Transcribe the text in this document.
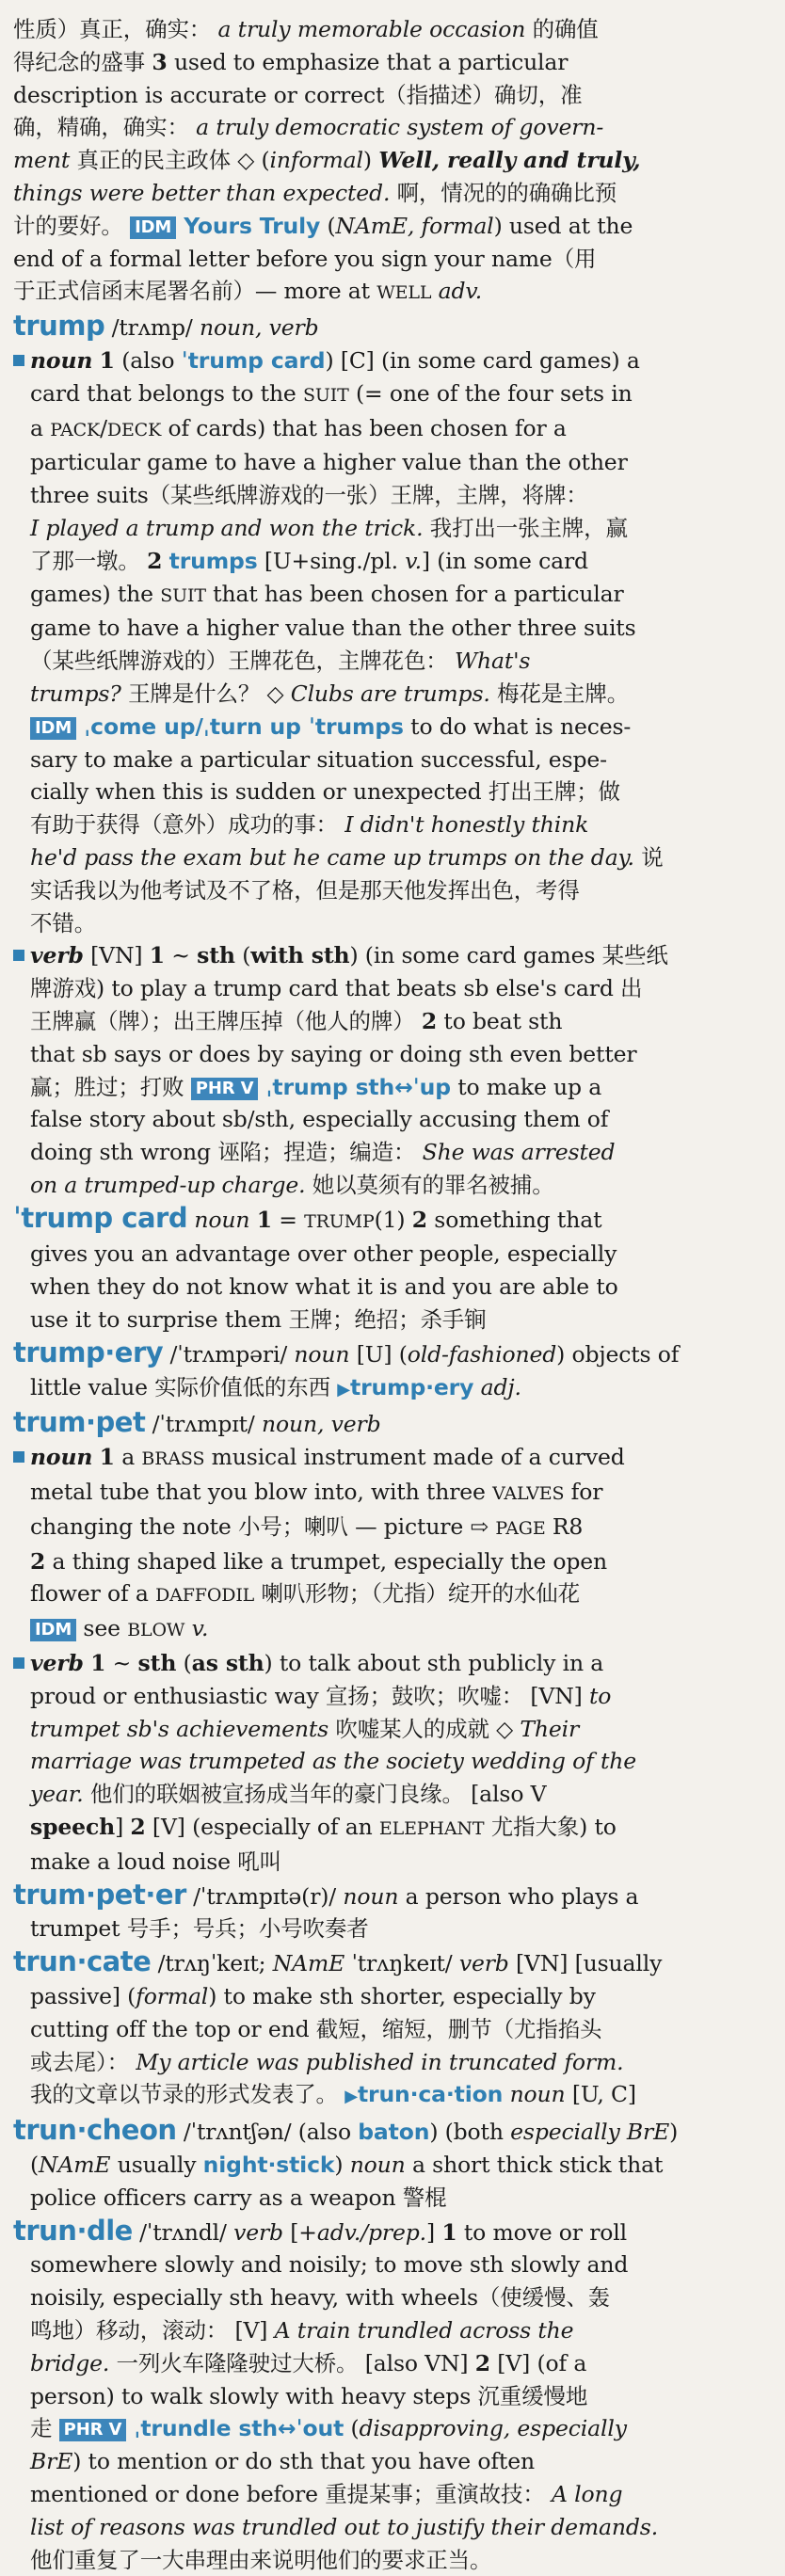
性质）真正，确实： a truly memorable occasion 的确值
得纪念的盛事 3 used to emphasize that a particular
description is accurate or correct（指描述）确切，准
确，精确，确实： a truly democratic system of govern-
ment 真正的民主政体 ◇ (informal) Well, really and truly,
things were better than expected. 啊，情况的的确确比预
计的要好。 IDM Yours Truly (NAmE, formal) used at the
end of a formal letter before you sign your name（用
于正式信函末尾署名前）— more at WELL adv.
trump /trʌmp/ noun, verb
noun 1 (also ˈtrump card) [C] (in some card games) a
card that belongs to the SUIT (= one of the four sets in
a PACK/DECK of cards) that has been chosen for a
particular game to have a higher value than the other
three suits（某些纸牌游戏的一张）王牌，主牌，将牌：
I played a trump and won the trick. 我打出一张主牌，赢
了那一墩。 2 trumps [U+sing./pl. v.] (in some card
games) the SUIT that has been chosen for a particular
game to have a higher value than the other three suits
（某些纸牌游戏的）王牌花色，主牌花色： What's
trumps? 王牌是什么？ ◇ Clubs are trumps. 梅花是主牌。
IDM ˌcome up/ˌturn up ˈtrumps to do what is neces-
sary to make a particular situation successful, espe-
cially when this is sudden or unexpected 打出王牌；做
有助于获得（意外）成功的事： I didn't honestly think
he'd pass the exam but he came up trumps on the day. 说
实话我以为他考试及不了格，但是那天他发挥出色，考得
不错。
verb [VN] 1 ~ sth (with sth) (in some card games 某些纸
牌游戏) to play a trump card that beats sb else's card 出
王牌赢（牌）；出王牌压掉（他人的牌） 2 to beat sth
that sb says or does by saying or doing sth even better
赢；胜过；打败 PHR V ˌtrump sth↔ˈup to make up a
false story about sb/sth, especially accusing them of
doing sth wrong 诬陷；捏造；编造： She was arrested
on a trumped-up charge. 她以莫须有的罪名被捕。
ˈtrump card noun 1 = TRUMP(1) 2 something that
gives you an advantage over other people, especially
when they do not know what it is and you are able to
use it to surprise them 王牌；绝招；杀手锏
trump·ery /ˈtrʌmpəri/ noun [U] (old-fashioned) objects of
little value 实际价值低的东西 ▶trump·ery adj.
trum·pet /ˈtrʌmpɪt/ noun, verb
noun 1 a BRASS musical instrument made of a curved
metal tube that you blow into, with three VALVES for
changing the note 小号；喇叭 — picture ⇨ PAGE R8
2 a thing shaped like a trumpet, especially the open
flower of a DAFFODIL 喇叭形物；（尤指）绽开的水仙花
IDM see BLOW v.
verb 1 ~ sth (as sth) to talk about sth publicly in a
proud or enthusiastic way 宣扬；鼓吹；吹嘘： [VN] to
trumpet sb's achievements 吹嘘某人的成就 ◇ Their
marriage was trumpeted as the society wedding of the
year. 他们的联姻被宣扬成当年的豪门良缘。 [also V
speech] 2 [V] (especially of an ELEPHANT 尤指大象) to
make a loud noise 吼叫
trum·pet·er /ˈtrʌmpɪtə(r)/ noun a person who plays a
trumpet 号手；号兵；小号吹奏者
trun·cate /trʌŋˈkeɪt; NAmE ˈtrʌŋkeɪt/ verb [VN] [usually
passive] (formal) to make sth shorter, especially by
cutting off the top or end 截短，缩短，删节（尤指掐头
或去尾）： My article was published in truncated form.
我的文章以节录的形式发表了。 ▶trun·ca·tion noun [U, C]
trun·cheon /ˈtrʌntʃən/ (also baton) (both especially BrE)
(NAmE usually night·stick) noun a short thick stick that
police officers carry as a weapon 警棍
trun·dle /ˈtrʌndl/ verb [+adv./prep.] 1 to move or roll
somewhere slowly and noisily; to move sth slowly and
noisily, especially sth heavy, with wheels（使缓慢、轰
鸣地）移动，滚动： [V] A train trundled across the
bridge. 一列火车隆隆驶过大桥。 [also VN] 2 [V] (of a
person) to walk slowly with heavy steps 沉重缓慢地
走 PHR V ˌtrundle sth↔ˈout (disapproving, especially
BrE) to mention or do sth that you have often
mentioned or done before 重提某事；重演故技： A long
list of reasons was trundled out to justify their demands.
他们重复了一大串理由来说明他们的要求正当。
